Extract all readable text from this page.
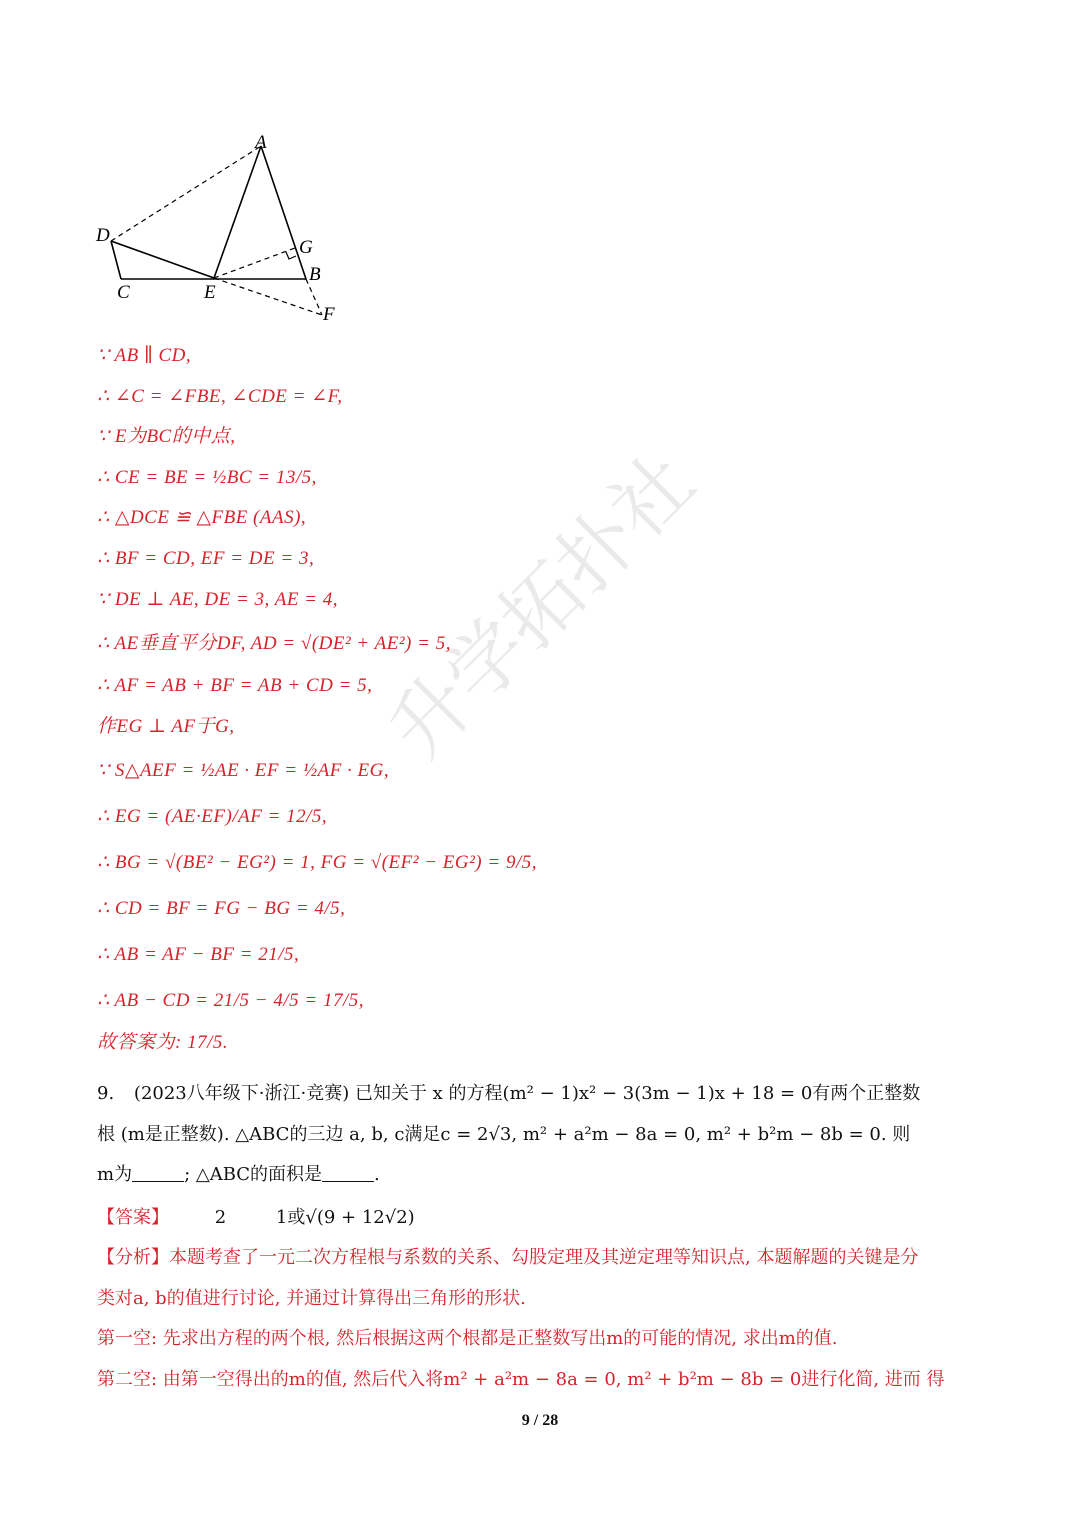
升学拓扑社
A
D
G
B
C	E
F
∵ AB ∥ CD,
∴ ∠C = ∠FBE, ∠CDE = ∠F,
∵ E为BC的中点,
∴ CE = BE = ½BC = 13/5,
∴ △DCE ≌ △FBE (AAS),
∴ BF = CD, EF = DE = 3,
∵ DE ⊥ AE, DE = 3, AE = 4,
∴ AE垂直平分DF, AD = √(DE² + AE²) = 5,
∴ AF = AB + BF = AB + CD = 5,
作EG ⊥ AF于G,
∵ S△AEF = ½AE · EF = ½AF · EG,
∴ EG = (AE·EF)/AF = 12/5,
∴ BG = √(BE² − EG²) = 1, FG = √(EF² − EG²) = 9/5,
∴ CD = BF = FG − BG = 4/5,
∴ AB = AF − BF = 21/5,
∴ AB − CD = 21/5 − 4/5 = 17/5,
故答案为: 17/5.
9. (2023八年级下·浙江·竞赛) 已知关于 x 的方程(m² − 1)x² − 3(3m − 1)x + 18 = 0有两个正整数
根 (m是正整数). △ABC的三边 a, b, c满足c = 2√3, m² + a²m − 8a = 0, m² + b²m − 8b = 0. 则
m为	; △ABC的面积是	.
【答案】	2	1或√(9 + 12√2)
【分析】本题考查了一元二次方程根与系数的关系、勾股定理及其逆定理等知识点, 本题解题的关键是分
类对a, b的值进行讨论, 并通过计算得出三角形的形状.
第一空: 先求出方程的两个根, 然后根据这两个根都是正整数写出m的可能的情况, 求出m的值.
第二空: 由第一空得出的m的值, 然后代入将m² + a²m − 8a = 0, m² + b²m − 8b = 0进行化简, 进而 得
9 / 28
